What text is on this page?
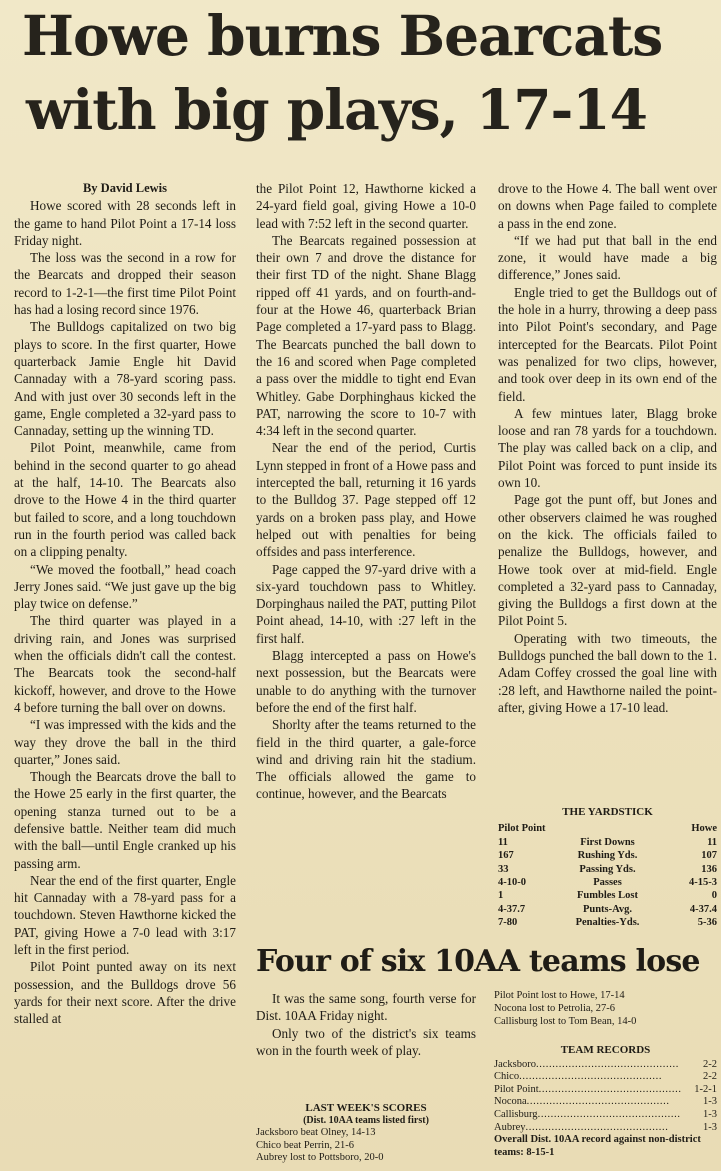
Howe burns Bearcats
with big plays, 17-14

By David Lewis

Howe scored with 28 seconds left in the game to hand Pilot Point a 17-14 loss Friday night.

The loss was the second in a row for the Bearcats and dropped their season record to 1-2-1—the first time Pilot Point has had a losing record since 1976.

The Bulldogs capitalized on two big plays to score. In the first quarter, Howe quarterback Jamie Engle hit David Cannaday with a 78-yard scoring pass. And with just over 30 seconds left in the game, Engle completed a 32-yard pass to Cannaday, setting up the winning TD.

Pilot Point, meanwhile, came from behind in the second quarter to go ahead at the half, 14-10. The Bearcats also drove to the Howe 4 in the third quarter but failed to score, and a long touchdown run in the fourth period was called back on a clipping penalty.

“We moved the football,” head coach Jerry Jones said. “We just gave up the big play twice on defense.”

The third quarter was played in a driving rain, and Jones was surprised when the officials didn't call the contest. The Bearcats took the second-half kickoff, however, and drove to the Howe 4 before turning the ball over on downs.

“I was impressed with the kids and the way they drove the ball in the third quarter,” Jones said.

Though the Bearcats drove the ball to the Howe 25 early in the first quarter, the opening stanza turned out to be a defensive battle. Neither team did much with the ball—until Engle cranked up his passing arm.

Near the end of the first quarter, Engle hit Cannaday with a 78-yard pass for a touchdown. Steven Hawthorne kicked the PAT, giving Howe a 7-0 lead with 3:17 left in the first period.

Pilot Point punted away on its next possession, and the Bulldogs drove 56 yards for their next score. After the drive stalled at

the Pilot Point 12, Hawthorne kicked a 24-yard field goal, giving Howe a 10-0 lead with 7:52 left in the second quarter.

The Bearcats regained possession at their own 7 and drove the distance for their first TD of the night. Shane Blagg ripped off 41 yards, and on fourth-and-four at the Howe 46, quarterback Brian Page completed a 17-yard pass to Blagg. The Bearcats punched the ball down to the 16 and scored when Page completed a pass over the middle to tight end Evan Whitley. Gabe Dorphinghaus kicked the PAT, narrowing the score to 10-7 with 4:34 left in the second quarter.

Near the end of the period, Curtis Lynn stepped in front of a Howe pass and intercepted the ball, returning it 16 yards to the Bulldog 37. Page stepped off 12 yards on a broken pass play, and Howe helped out with penalties for being offsides and pass interference.

Page capped the 97-yard drive with a six-yard touchdown pass to Whitley. Dorpinghaus nailed the PAT, putting Pilot Point ahead, 14-10, with :27 left in the first half.

Blagg intercepted a pass on Howe's next possession, but the Bearcats were unable to do anything with the turnover before the end of the first half.

Shorlty after the teams returned to the field in the third quarter, a gale-force wind and driving rain hit the stadium. The officials allowed the game to continue, however, and the Bearcats

drove to the Howe 4. The ball went over on downs when Page failed to complete a pass in the end zone.

“If we had put that ball in the end zone, it would have made a big difference,” Jones said.

Engle tried to get the Bulldogs out of the hole in a hurry, throwing a deep pass into Pilot Point's secondary, and Page intercepted for the Bearcats. Pilot Point was penalized for two clips, however, and took over deep in its own end of the field.

A few mintues later, Blagg broke loose and ran 78 yards for a touchdown. The play was called back on a clip, and Pilot Point was forced to punt inside its own 10.

Page got the punt off, but Jones and other observers claimed he was roughed on the kick. The officials failed to penalize the Bulldogs, however, and Howe took over at mid-field. Engle completed a 32-yard pass to Cannaday, giving the Bulldogs a first down at the Pilot Point 5.

Operating with two timeouts, the Bulldogs punched the ball down to the 1. Adam Coffey crossed the goal line with :28 left, and Hawthorne nailed the point-after, giving Howe a 17-10 lead.

THE YARDSTICK
Pilot Point	Howe
11	First Downs	11
167	Rushing Yds.	107
33	Passing Yds.	136
4-10-0	Passes	4-15-3
1	Fumbles Lost	0
4-37.7	Punts-Avg.	4-37.4
7-80	Penalties-Yds.	5-36
Four of six 10AA teams lose

It was the same song, fourth verse for Dist. 10AA Friday night.

Only two of the district's six teams won in the fourth week of play.

LAST WEEK'S SCORES
(Dist. 10AA teams listed first)
Jacksboro beat Olney, 14-13
Chico beat Perrin, 21-6
Aubrey lost to Pottsboro, 20-0
Pilot Point lost to Howe, 17-14
Nocona lost to Petrolia, 27-6
Callisburg lost to Tom Bean, 14-0
TEAM RECORDS
Jacksboro . . .	2-2
Chico . . .	2-2
Pilot Point . . .	1-2-1
Nocona . . .	1-3
Callisburg . . .	1-3
Aubrey . . .	1-3
Overall Dist. 10AA record against non-district teams: 8-15-1
